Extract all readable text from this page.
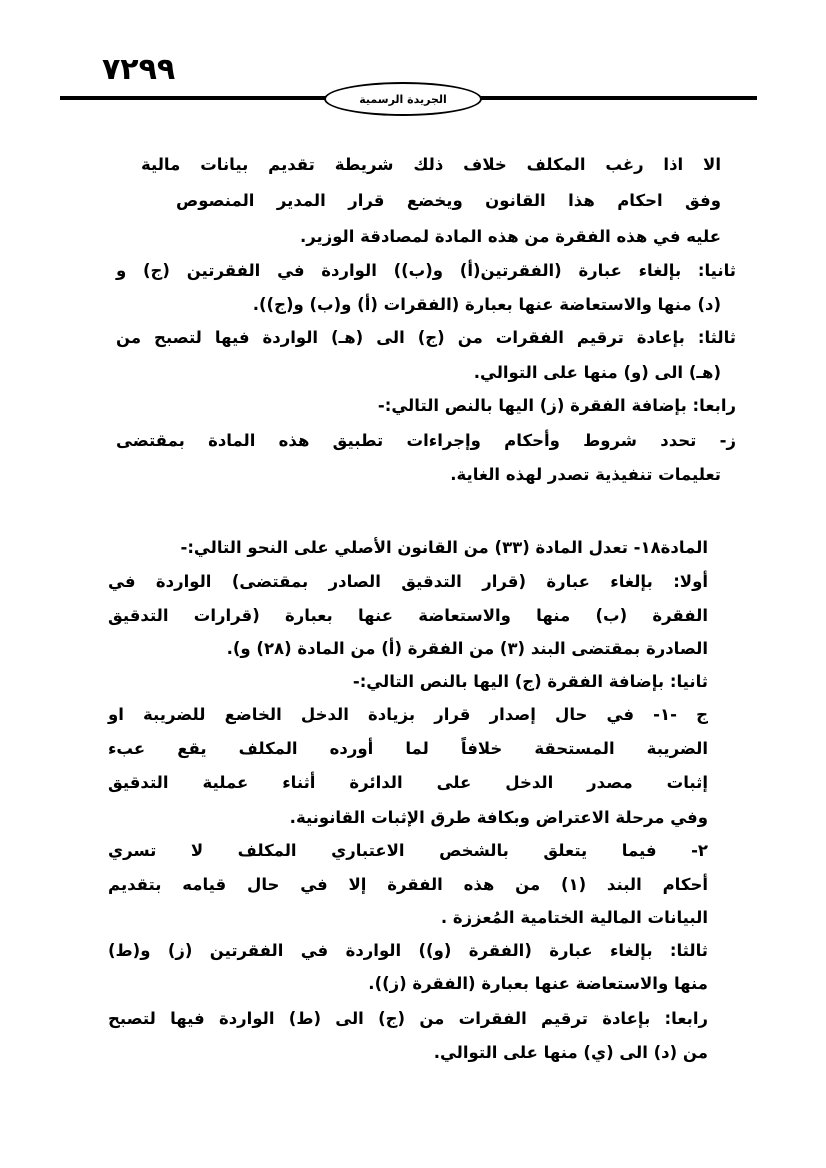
٧٢٩٩
الجريدة الرسمية
الا اذا رغب المكلف خلاف ذلك شريطة تقديم بيانات مالية
وفق احكام هذا القانون ويخضع قرار المدير المنصوص
عليه في هذه الفقرة من هذه المادة لمصادقة الوزير.
ثانيا: بإلغاء عبارة (الفقرتين(أ) و(ب)) الواردة في الفقرتين (ج) و
(د) منها والاستعاضة عنها بعبارة (الفقرات (أ) و(ب) و(ج)).
ثالثا: بإعادة ترقيم الفقرات من (ج) الى (هـ) الواردة فيها لتصبح من
(هـ) الى (و) منها على التوالي.
رابعا: بإضافة الفقرة (ز) اليها بالنص التالي:-
ز- تحدد شروط وأحكام وإجراءات تطبيق هذه المادة بمقتضى
تعليمات تنفيذية تصدر لهذه الغاية.
المادة١٨- تعدل المادة (٣٣) من القانون الأصلي على النحو التالي:-
أولا: بإلغاء عبارة (قرار التدقيق الصادر بمقتضى) الواردة في
الفقرة (ب) منها والاستعاضة عنها بعبارة (قرارات التدقيق
الصادرة بمقتضى البند (٣) من الفقرة (أ) من المادة (٢٨) و).
ثانيا: بإضافة الفقرة (ج) اليها بالنص التالي:-
ج -١- في حال إصدار قرار بزيادة الدخل الخاضع للضريبة او
الضريبة المستحقة خلافاً لما أورده المكلف يقع عبء
إثبات مصدر الدخل على الدائرة أثناء عملية التدقيق
وفي مرحلة الاعتراض وبكافة طرق الإثبات القانونية.
٢- فيما يتعلق بالشخص الاعتباري المكلف لا تسري
أحكام البند (١) من هذه الفقرة إلا في حال قيامه بتقديم
البيانات المالية الختامية المُعززة .
ثالثا: بإلغاء عبارة (الفقرة (و)) الواردة في الفقرتين (ز) و(ط)
منها والاستعاضة عنها بعبارة (الفقرة (ز)).
رابعا: بإعادة ترقيم الفقرات من (ج) الى (ط) الواردة فيها لتصبح
من (د) الى (ي) منها على التوالي.
